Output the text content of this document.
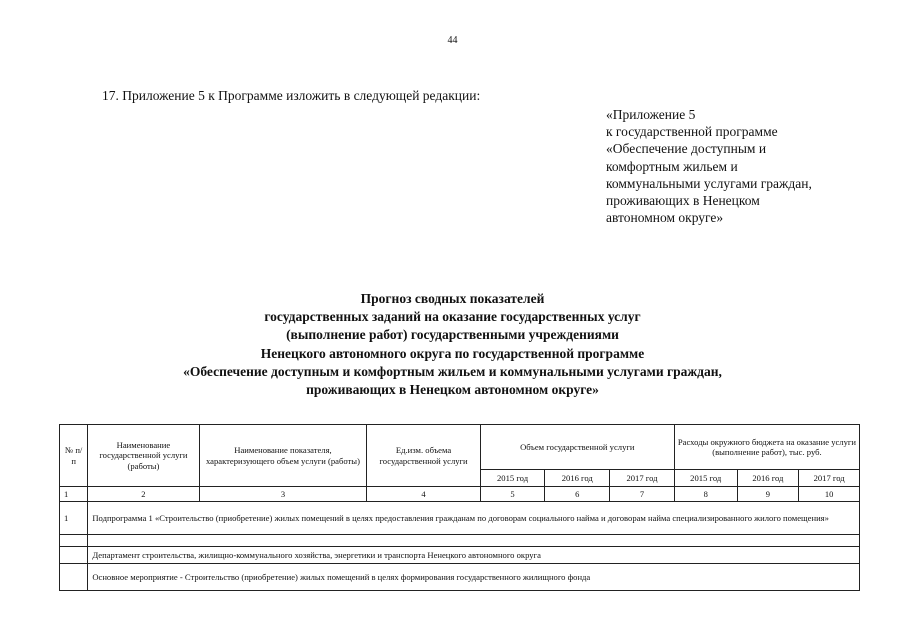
44
17. Приложение 5 к Программе изложить в следующей редакции:
«Приложение 5
к государственной программе
«Обеспечение доступным и
комфортным жильем и
коммунальными услугами граждан,
проживающих в Ненецком
автономном округе»
Прогноз сводных показателей
государственных заданий на оказание государственных услуг
(выполнение работ) государственными учреждениями
Ненецкого автономного округа по государственной программе
«Обеспечение доступным и комфортным жильем и коммунальными услугами граждан,
проживающих в Ненецком автономном округе»
№ п/п	Наименование государственной услуги (работы)	Наименование показателя, характеризующего объем услуги (работы)	Ед.изм. объема государственной услуги	Объем государственной услуги			Расходы окружного бюджета на оказание услуги (выполнение работ), тыс. руб.		
				2015 год	2016 год	2017 год	2015 год	2016 год	2017 год
1	2	3	4	5	6	7	8	9	10
1	Подпрограмма 1 «Строительство (приобретение) жилых помещений в целях предоставления гражданам по договорам социального найма и договорам найма специализированного жилого помещения»								

	Департамент строительства, жилищно-коммунального хозяйства, энергетики и транспорта Ненецкого автономного округа								
	Основное мероприятие - Строительство (приобретение) жилых помещений в целях формирования государственного жилищного фонда								
